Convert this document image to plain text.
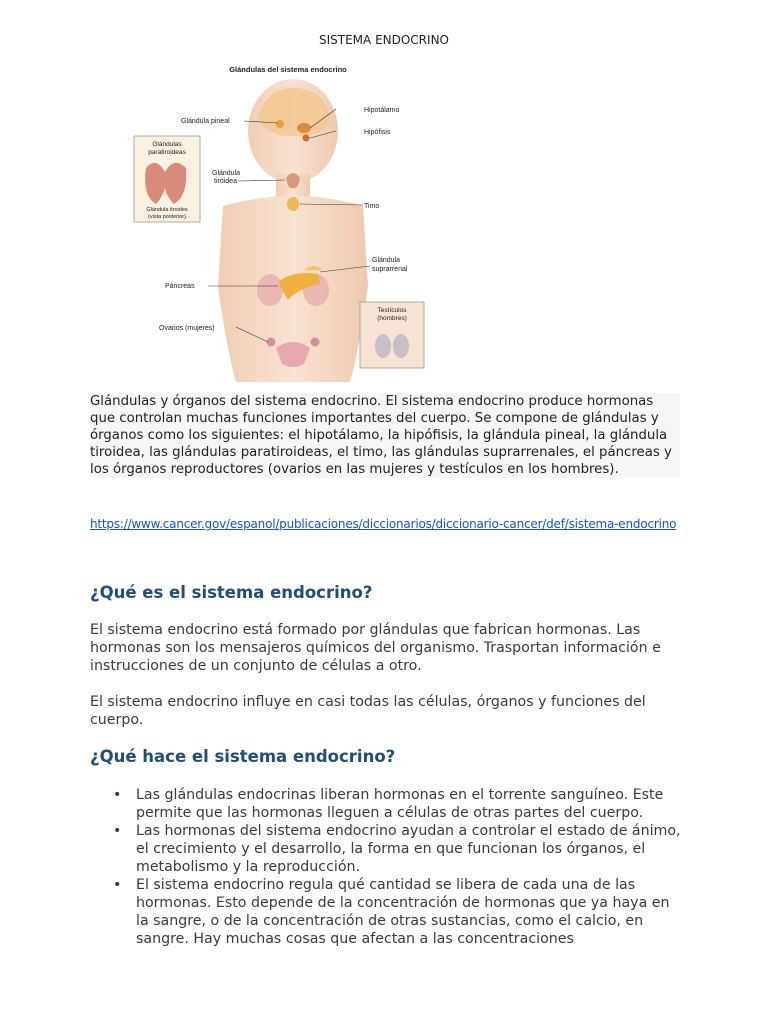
SISTEMA ENDOCRINO
Glándulas del sistema endocrino
Glándulas
paratiroideas
Glándula tiroides
(vista posterior)
Testículos
(hombres)
Glándula pineal
Hipotálamo
Hipófisis
Glándula
tiroidea
Timo
Glándula
suprarrenal
Páncreas
Ovarios (mujeres)
Glándulas y órganos del sistema endocrino. El sistema endocrino produce hormonas que controlan muchas funciones importantes del cuerpo. Se compone de glándulas y órganos como los siguientes: el hipotálamo, la hipófisis, la glándula pineal, la glándula tiroidea, las glándulas paratiroideas, el timo, las glándulas suprarrenales, el páncreas y los órganos reproductores (ovarios en las mujeres y testículos en los hombres).
https://www.cancer.gov/espanol/publicaciones/diccionarios/diccionario-cancer/def/sistema-endocrino
¿Qué es el sistema endocrino?

El sistema endocrino está formado por glándulas que fabrican hormonas. Las hormonas son los mensajeros químicos del organismo. Trasportan información e instrucciones de un conjunto de células a otro.

El sistema endocrino influye en casi todas las células, órganos y funciones del cuerpo.

¿Qué hace el sistema endocrino?
• Las glándulas endocrinas liberan hormonas en el torrente sanguíneo. Este permite que las hormonas lleguen a células de otras partes del cuerpo.
• Las hormonas del sistema endocrino ayudan a controlar el estado de ánimo, el crecimiento y el desarrollo, la forma en que funcionan los órganos, el metabolismo y la reproducción.
• El sistema endocrino regula qué cantidad se libera de cada una de las hormonas. Esto depende de la concentración de hormonas que ya haya en la sangre, o de la concentración de otras sustancias, como el calcio, en sangre. Hay muchas cosas que afectan a las concentraciones
